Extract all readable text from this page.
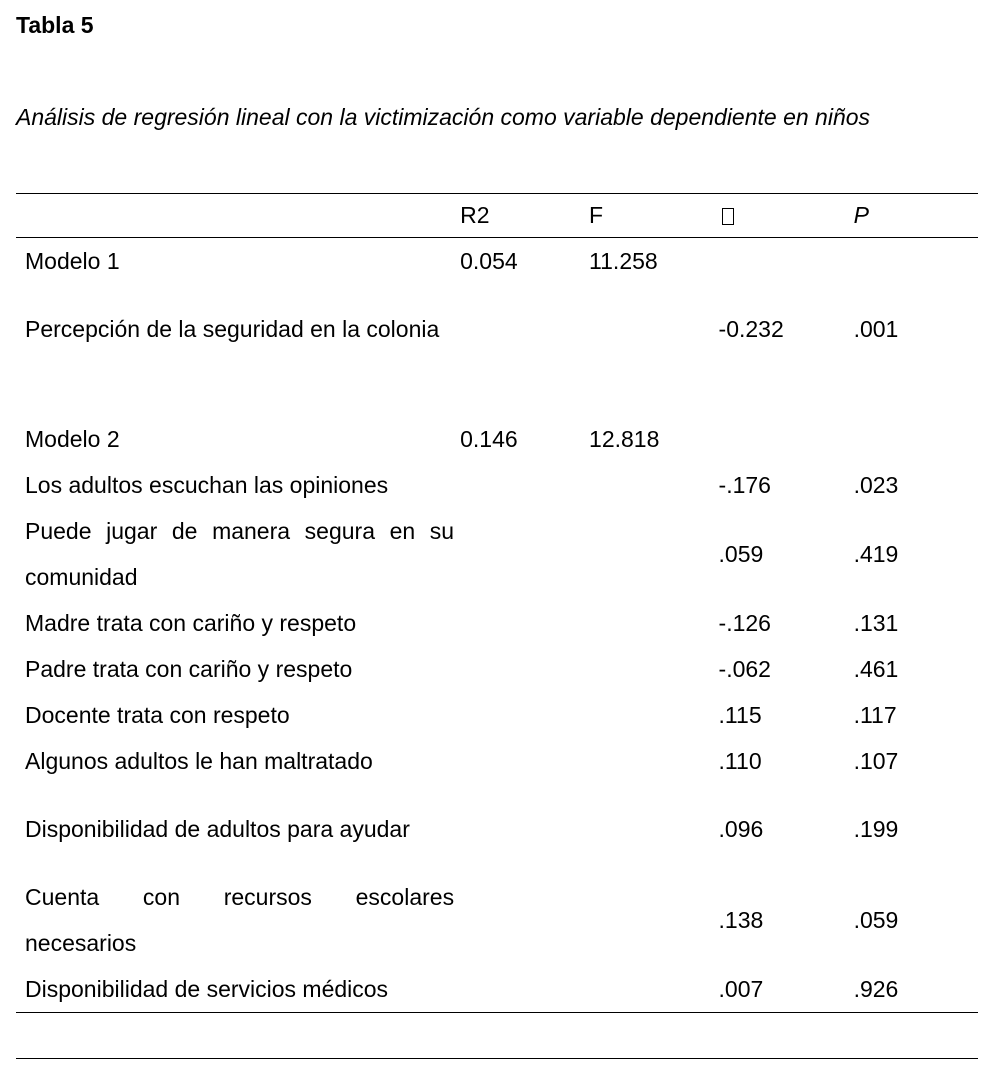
Tabla 5

Análisis de regresión lineal con la victimización como variable dependiente en niños

	R2	F		P
Modelo 1	0.054	11.258		
Percepción de la seguridad en la colonia			-0.232	.001

Modelo 2	0.146	12.818		
Los adultos escuchan las opiniones			-.176	.023
Puede jugar de manera segura en su comunidad			.059	.419
Madre trata con cariño y respeto			-.126	.131
Padre trata con cariño y respeto			-.062	.461
Docente trata con respeto			.115	.117
Algunos adultos le han maltratado			.110	.107
Disponibilidad de adultos para ayudar			.096	.199
Cuenta con recursos escolares necesarios			.138	.059
Disponibilidad de servicios médicos			.007	.926
